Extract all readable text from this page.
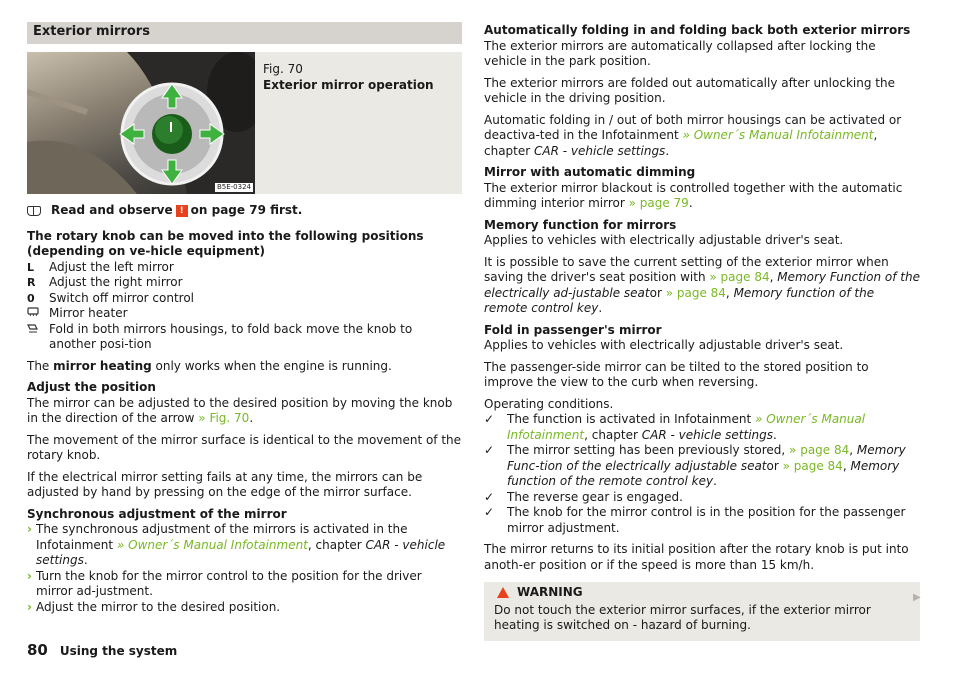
Exterior mirrors
B5E-0324
Fig. 70
Exterior mirror operation
Read and observe ! on page 79 first.

The rotary knob can be moved into the following positions (depending on ve-hicle equipment)

L	Adjust the left mirror
R	Adjust the right mirror
0	Switch off mirror control
Mirror heater
Fold in both mirrors housings, to fold back move the knob to another posi-tion

The mirror heating only works when the engine is running.

Adjust the position
The mirror can be adjusted to the desired position by moving the knob in the direction of the arrow » Fig. 70.

The movement of the mirror surface is identical to the movement of the rotary knob.

If the electrical mirror setting fails at any time, the mirrors can be adjusted by hand by pressing on the edge of the mirror surface.

Synchronous adjustment of the mirror

› The synchronous adjustment of the mirrors is activated in the Infotainment » Owner´s Manual Infotainment, chapter CAR - vehicle settings.
› Turn the knob for the mirror control to the position for the driver mirror ad-justment.
› Adjust the mirror to the desired position.
Automatically folding in and folding back both exterior mirrors
The exterior mirrors are automatically collapsed after locking the vehicle in the park position.

The exterior mirrors are folded out automatically after unlocking the vehicle in the driving position.

Automatic folding in / out of both mirror housings can be activated or deactiva-ted in the Infotainment » Owner´s Manual Infotainment, chapter CAR - vehicle settings.

Mirror with automatic dimming
The exterior mirror blackout is controlled together with the automatic dimming interior mirror » page 79.

Memory function for mirrors
Applies to vehicles with electrically adjustable driver's seat.

It is possible to save the current setting of the exterior mirror when saving the driver's seat position with » page 84, Memory Function of the electrically ad-justable seator » page 84, Memory function of the remote control key.

Fold in passenger's mirror
Applies to vehicles with electrically adjustable driver's seat.

The passenger-side mirror can be tilted to the stored position to improve the view to the curb when reversing.

Operating conditions.

✓	The function is activated in Infotainment » Owner´s Manual Infotainment, chapter CAR - vehicle settings.
✓	The mirror setting has been previously stored, » page 84, Memory Func-tion of the electrically adjustable seator » page 84, Memory function of the remote control key.
✓	The reverse gear is engaged.
✓	The knob for the mirror control is in the position for the passenger mirror adjustment.

The mirror returns to its initial position after the rotary knob is put into anoth-er position or if the speed is more than 15 km/h.

WARNING
Do not touch the exterior mirror surfaces, if the exterior mirror heating is switched on - hazard of burning.
▶
80 Using the system
